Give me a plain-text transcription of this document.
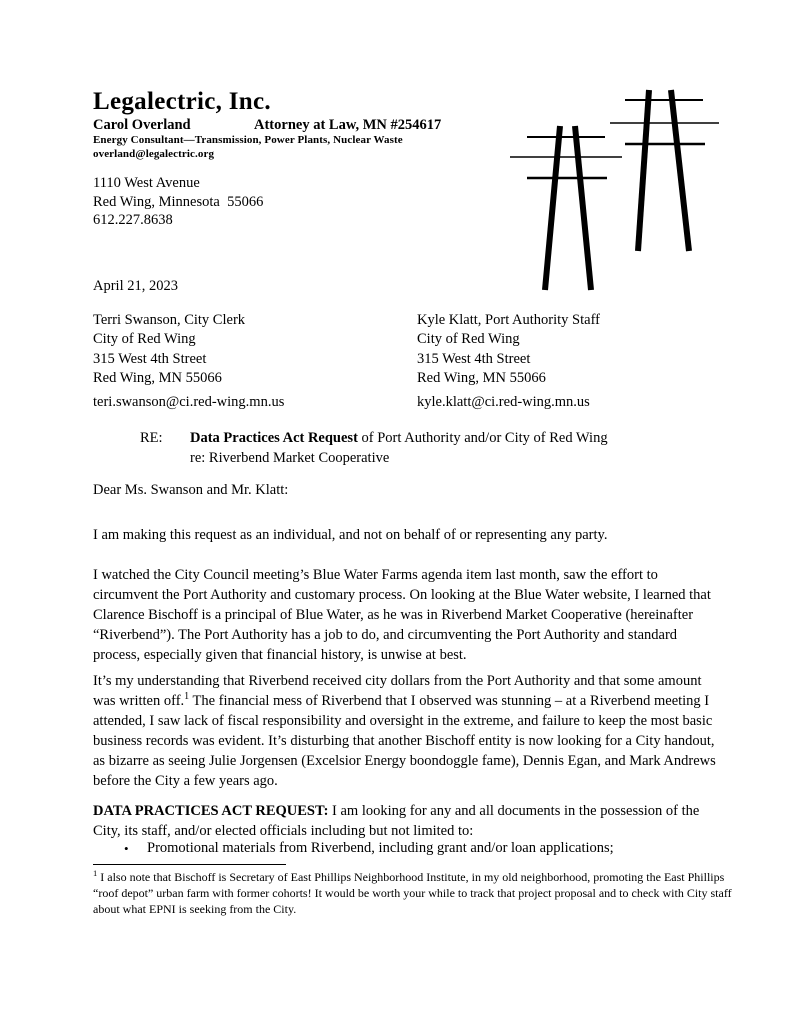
Legalectric, Inc.
Carol Overland	Attorney at Law, MN #254617
Energy Consultant—Transmission, Power Plants, Nuclear Waste
overland@legalectric.org
1110 West Avenue
Red Wing, Minnesota  55066
612.227.8638
April 21, 2023
Terri Swanson, City Clerk
City of Red Wing
315 West 4th Street
Red Wing, MN 55066
teri.swanson@ci.red-wing.mn.us
Kyle Klatt, Port Authority Staff
City of Red Wing
315 West 4th Street
Red Wing, MN 55066
kyle.klatt@ci.red-wing.mn.us
RE:	Data Practices Act Request of Port Authority and/or City of Red Wing
re: Riverbend Market Cooperative
Dear Ms. Swanson and Mr. Klatt:

I am making this request as an individual, and not on behalf of or representing any party.

I watched the City Council meeting’s Blue Water Farms agenda item last month, saw the effort to circumvent the Port Authority and customary process. On looking at the Blue Water website, I learned that Clarence Bischoff is a principal of Blue Water, as he was in Riverbend Market Cooperative (hereinafter “Riverbend”). The Port Authority has a job to do, and circumventing the Port Authority and standard process, especially given that financial history, is unwise at best.

It’s my understanding that Riverbend received city dollars from the Port Authority and that some amount was written off.$^1$ The financial mess of Riverbend that I observed was stunning – at a Riverbend meeting I attended, I saw lack of fiscal responsibility and oversight in the extreme, and failure to keep the most basic business records was evident. It’s disturbing that another Bischoff entity is now looking for a City handout, as bizarre as seeing Julie Jorgensen (Excelsior Energy boondoggle fame), Dennis Egan, and Mark Andrews before the City a few years ago.

DATA PRACTICES ACT REQUEST: I am looking for any and all documents in the possession of the City, its staff, and/or elected officials including but not limited to:

•	Promotional materials from Riverbend, including grant and/or loan applications;
$^1$ I also note that Bischoff is Secretary of East Phillips Neighborhood Institute, in my old neighborhood, promoting the East Phillips “roof depot” urban farm with former cohorts! It would be worth your while to track that project proposal and to check with City staff about what EPNI is seeking from the City.
